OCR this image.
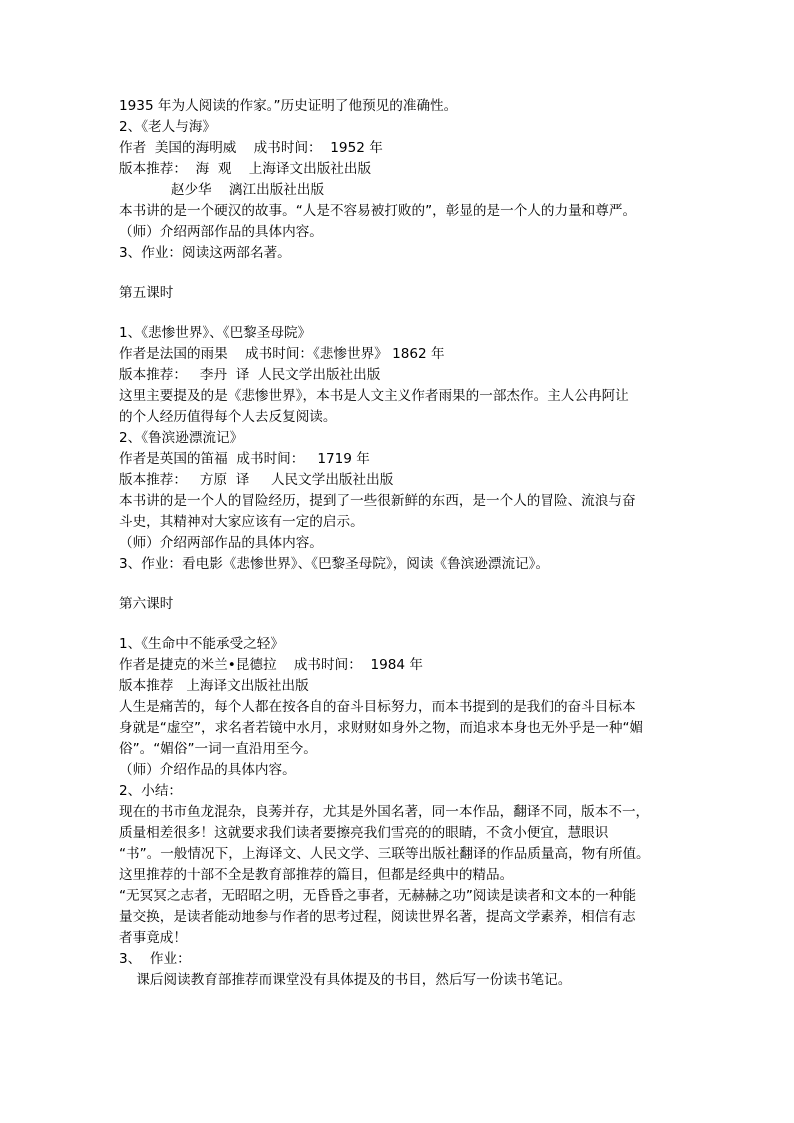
1935 年为人阅读的作家。”历史证明了他预见的准确性。
2、《老人与海》
作者  美国的海明威    成书时间：  1952 年
版本推荐：  海  观    上海译文出版社出版
赵少华    漓江出版社出版
本书讲的是一个硬汉的故事。“人是不容易被打败的”，彰显的是一个人的力量和尊严。
（师）介绍两部作品的具体内容。
3、作业：阅读这两部名著。
第五课时
1、《悲惨世界》、《巴黎圣母院》
作者是法国的雨果    成书时间：《悲惨世界》 1862 年
版本推荐：   李丹  译  人民文学出版社出版
这里主要提及的是《悲惨世界》，本书是人文主义作者雨果的一部杰作。主人公冉阿让
的个人经历值得每个人去反复阅读。
2、《鲁滨逊漂流记》
作者是英国的笛福  成书时间：   1719 年
版本推荐：   方原  译     人民文学出版社出版
本书讲的是一个人的冒险经历，提到了一些很新鲜的东西，是一个人的冒险、流浪与奋
斗史，其精神对大家应该有一定的启示。
（师）介绍两部作品的具体内容。
3、作业：看电影《悲惨世界》、《巴黎圣母院》，阅读《鲁滨逊漂流记》。
第六课时
1、《生命中不能承受之轻》
作者是捷克的米兰•昆德拉    成书时间：  1984 年
版本推荐   上海译文出版社出版
人生是痛苦的，每个人都在按各自的奋斗目标努力，而本书提到的是我们的奋斗目标本
身就是“虚空”，求名者若镜中水月，求财财如身外之物，而追求本身也无外乎是一种“媚
俗”。“媚俗”一词一直沿用至今。
（师）介绍作品的具体内容。
2、小结：
现在的书市鱼龙混杂，良莠并存，尤其是外国名著，同一本作品，翻译不同，版本不一，
质量相差很多！这就要求我们读者要擦亮我们雪亮的的眼睛，不贪小便宜，慧眼识
“书”。一般情况下，上海译文、人民文学、三联等出版社翻译的作品质量高，物有所值。
这里推荐的十部不全是教育部推荐的篇目，但都是经典中的精品。
“无冥冥之志者，无昭昭之明，无昏昏之事者，无赫赫之功”阅读是读者和文本的一种能
量交换，是读者能动地参与作者的思考过程，阅读世界名著，提高文学素养，相信有志
者事竟成！
3、  作业：
课后阅读教育部推荐而课堂没有具体提及的书目，然后写一份读书笔记。
